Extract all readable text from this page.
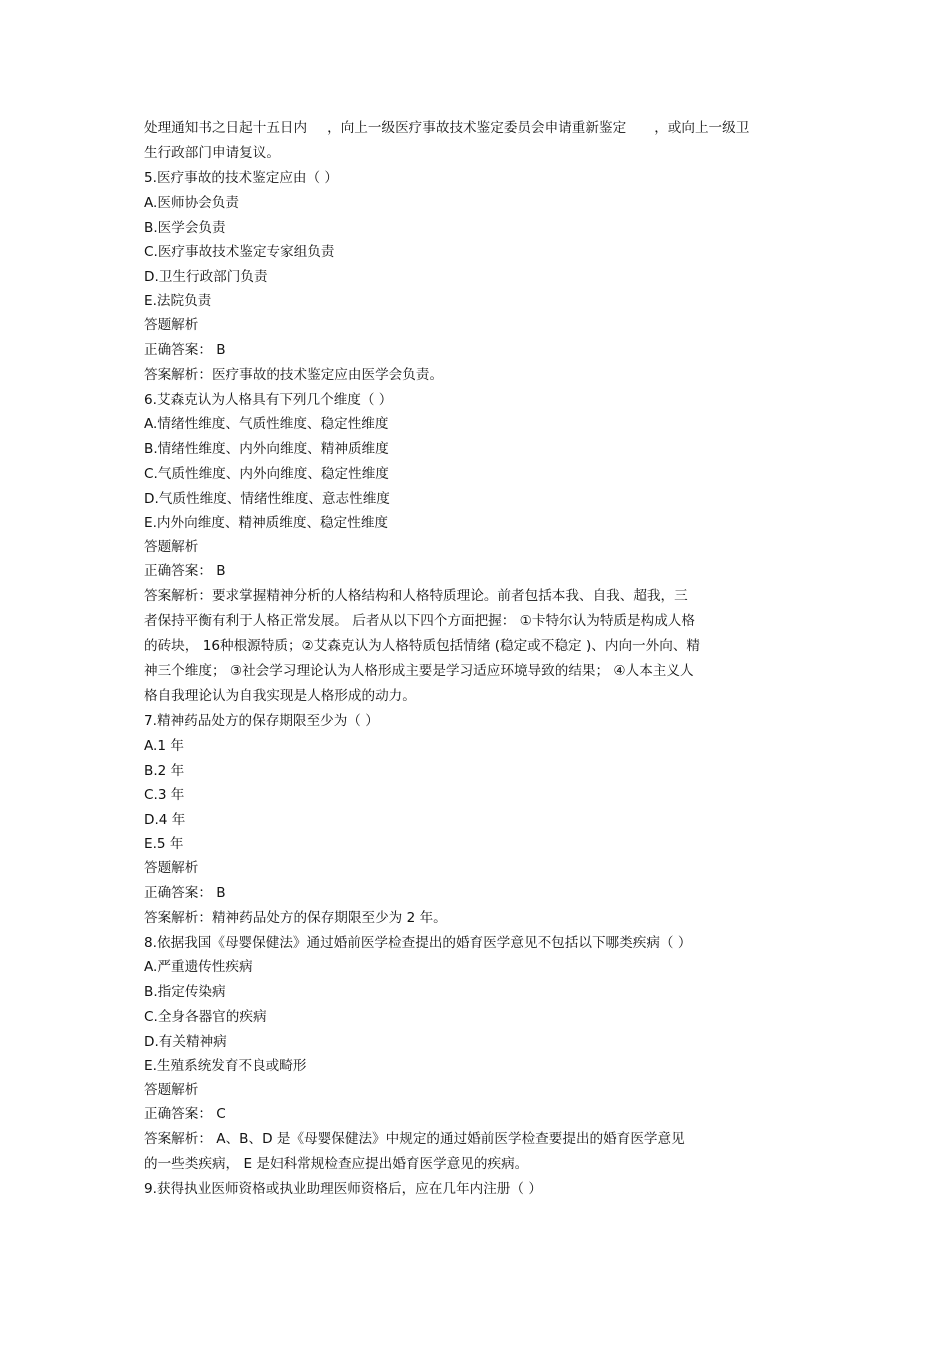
处理通知书之日起十五日内 ，向上一级医疗事故技术鉴定委员会申请重新鉴定 ，或向上一级卫
生行政部门申请复议。
5.医疗事故的技术鉴定应由（ ）
A.医师协会负责
B.医学会负责
C.医疗事故技术鉴定专家组负责
D.卫生行政部门负责
E.法院负责
答题解析
正确答案： B
答案解析：医疗事故的技术鉴定应由医学会负责。
6.艾森克认为人格具有下列几个维度（ ）
A.情绪性维度、气质性维度、稳定性维度
B.情绪性维度、内外向维度、精神质维度
C.气质性维度、内外向维度、稳定性维度
D.气质性维度、情绪性维度、意志性维度
E.内外向维度、精神质维度、稳定性维度
答题解析
正确答案： B
答案解析：要求掌握精神分析的人格结构和人格特质理论。前者包括本我、自我、超我，三
者保持平衡有利于人格正常发展。 后者从以下四个方面把握： ①卡特尔认为特质是构成人格
的砖块， 16种根源特质；②艾森克认为人格特质包括情绪 (稳定或不稳定 )、内向一外向、精
神三个维度； ③社会学习理论认为人格形成主要是学习适应环境导致的结果； ④人本主义人
格自我理论认为自我实现是人格形成的动力。
7.精神药品处方的保存期限至少为（ ）
A.1 年
B.2 年
C.3 年
D.4 年
E.5 年
答题解析
正确答案： B
答案解析：精神药品处方的保存期限至少为 2 年。
8.依据我国《母婴保健法》通过婚前医学检查提出的婚育医学意见不包括以下哪类疾病（ ）
A.严重遗传性疾病
B.指定传染病
C.全身各器官的疾病
D.有关精神病
E.生殖系统发育不良或畸形
答题解析
正确答案： C
答案解析： A、B、D 是《母婴保健法》中规定的通过婚前医学检查要提出的婚育医学意见
的一些类疾病， E 是妇科常规检查应提出婚育医学意见的疾病。
9.获得执业医师资格或执业助理医师资格后，应在几年内注册（ ）
